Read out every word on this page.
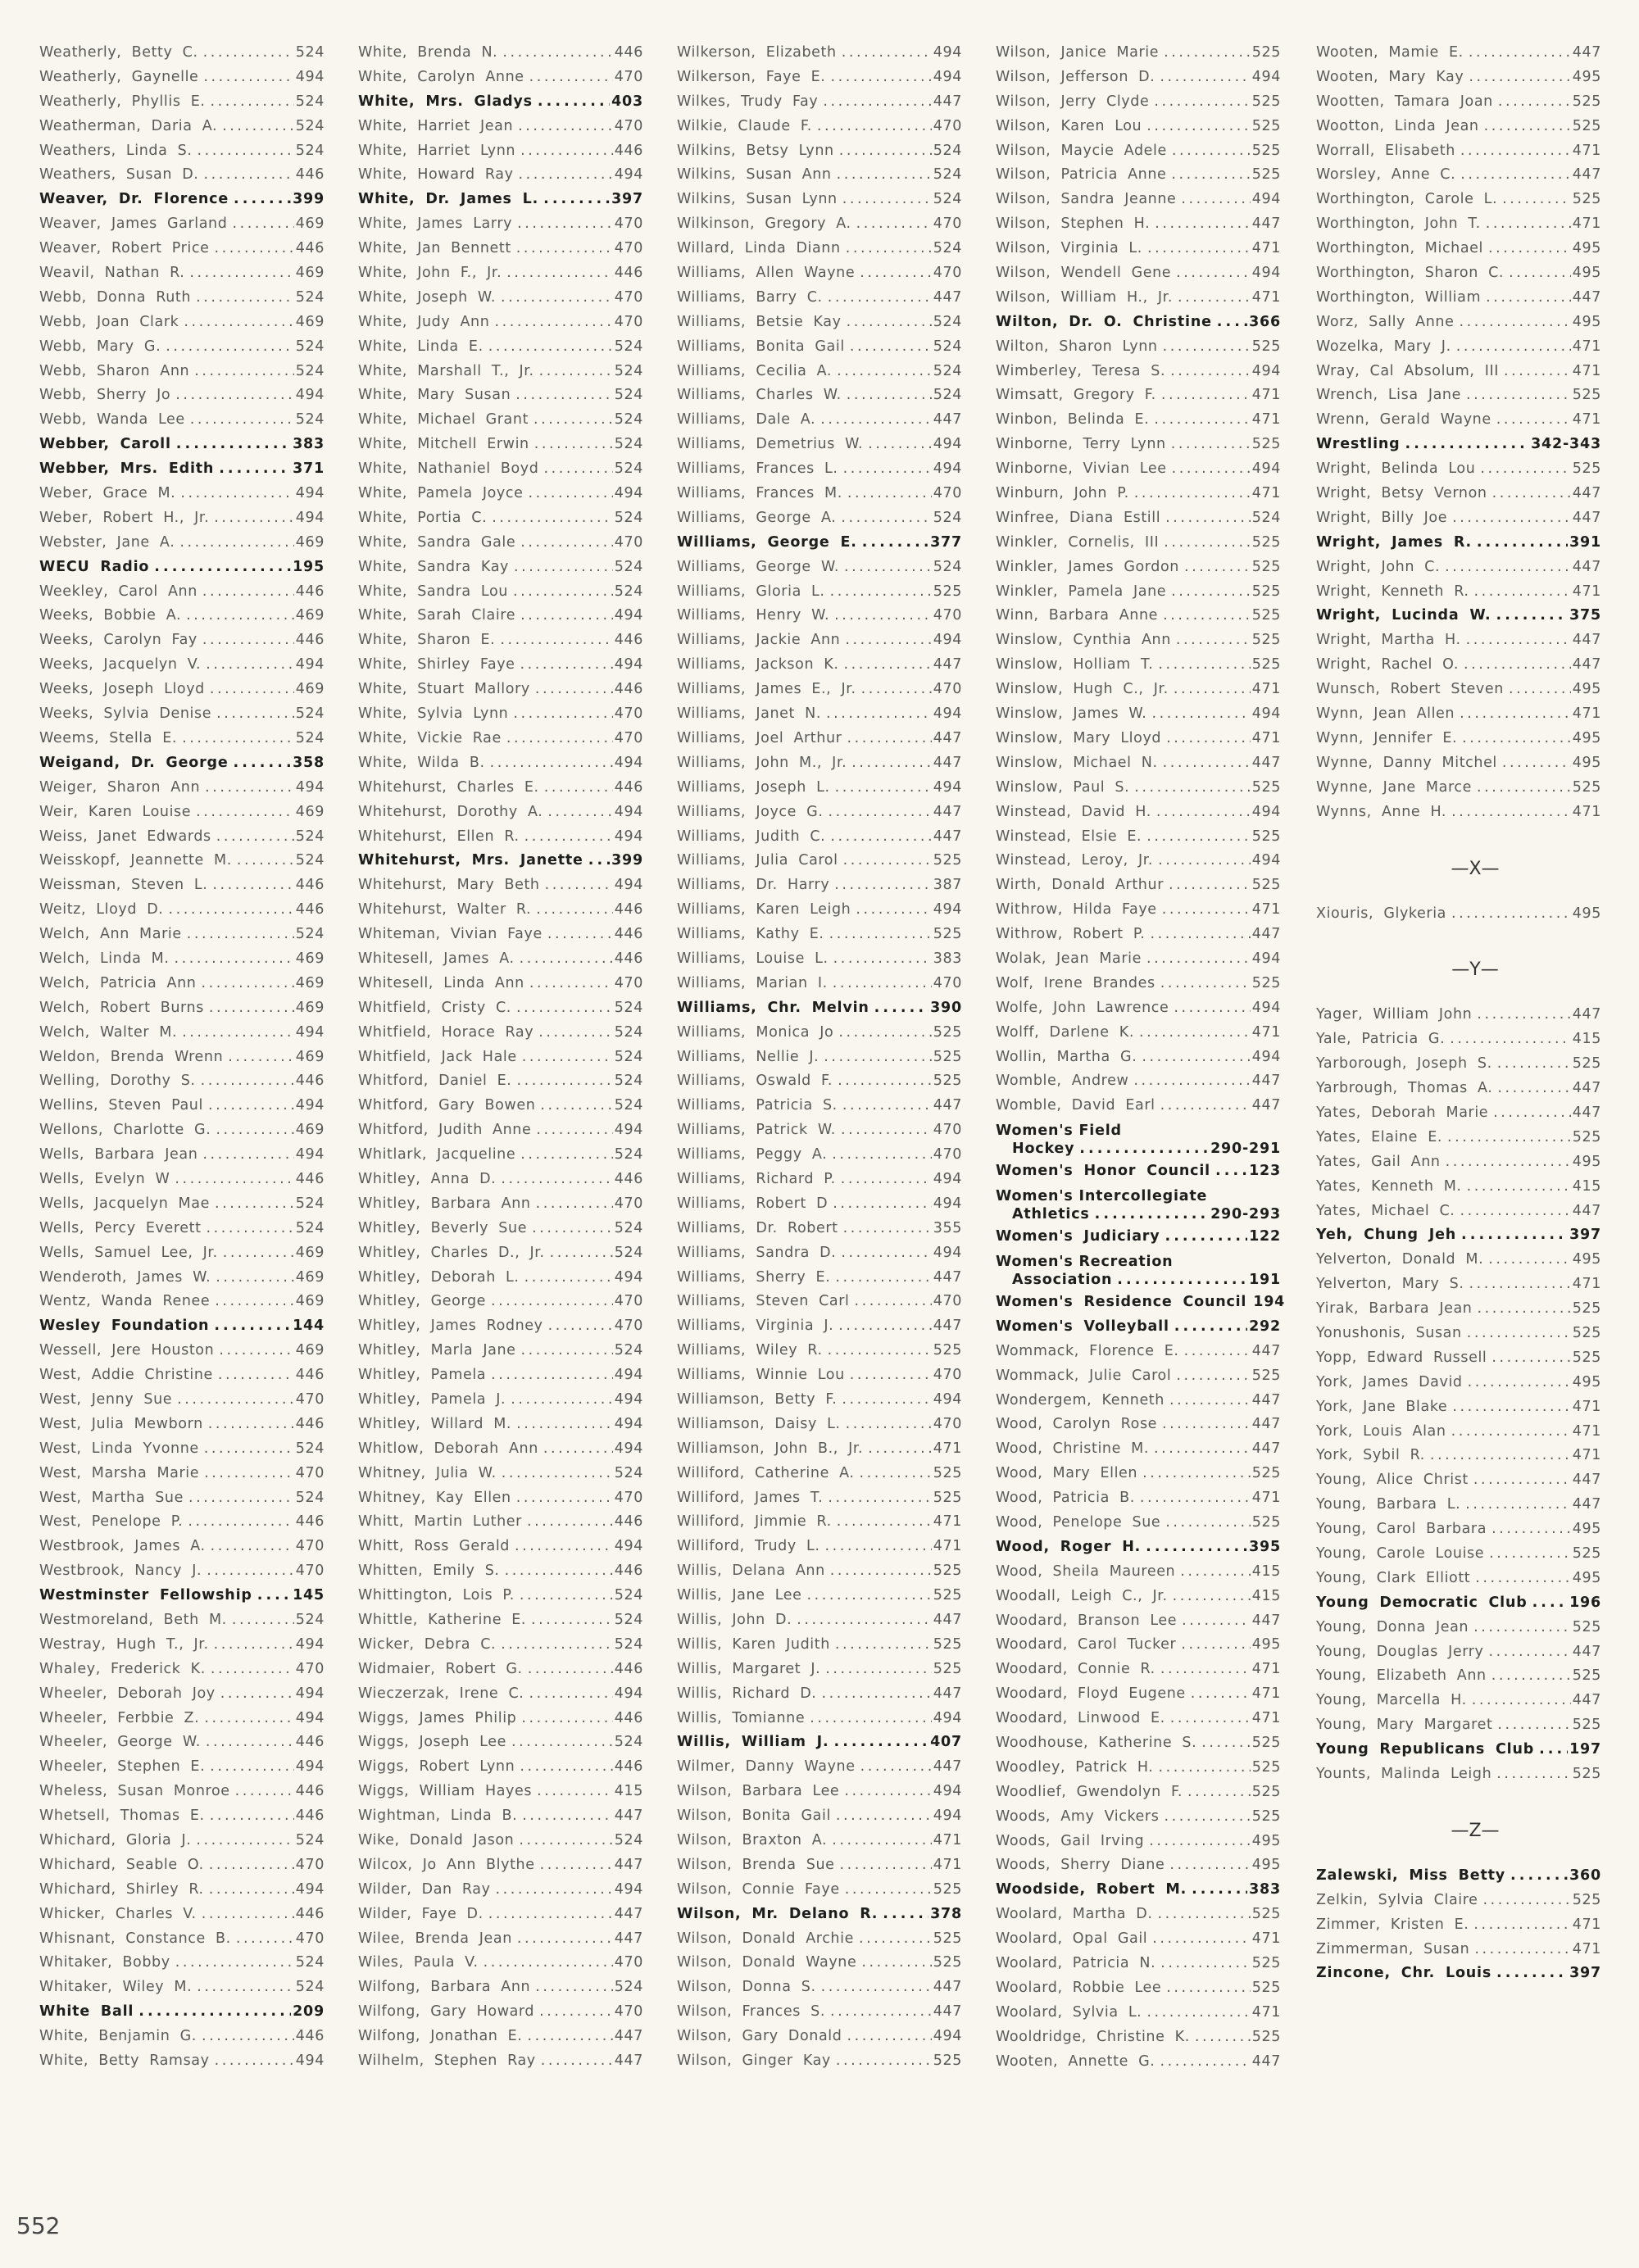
Weatherly, Betty C. . . .	524
Weatherly, Gaynelle . . .	494
Weatherly, Phyllis E. . . .	524
Weatherman, Daria A. . . .	524
Weathers, Linda S. . . .	524
Weathers, Susan D. . . .	446
Weaver, Dr. Florence . . .	399
Weaver, James Garland . . .	469
Weaver, Robert Price . . .	446
Weavil, Nathan R. . . .	469
Webb, Donna Ruth . . .	524
Webb, Joan Clark . . .	469
Webb, Mary G. . . .	524
Webb, Sharon Ann . . .	524
Webb, Sherry Jo . . .	494
Webb, Wanda Lee . . .	524
Webber, Caroll . . .	383
Webber, Mrs. Edith . . .	371
Weber, Grace M. . . .	494
Weber, Robert H., Jr. . . .	494
Webster, Jane A. . . .	469
WECU Radio . . .	195
Weekley, Carol Ann . . .	446
Weeks, Bobbie A. . . .	469
Weeks, Carolyn Fay . . .	446
Weeks, Jacquelyn V. . . .	494
Weeks, Joseph Lloyd . . .	469
Weeks, Sylvia Denise . . .	524
Weems, Stella E. . . .	524
Weigand, Dr. George . . .	358
Weiger, Sharon Ann . . .	494
Weir, Karen Louise . . .	469
Weiss, Janet Edwards . . .	524
Weisskopf, Jeannette M. . . .	524
Weissman, Steven L. . . .	446
Weitz, Lloyd D. . . .	446
Welch, Ann Marie . . .	524
Welch, Linda M. . . .	469
Welch, Patricia Ann . . .	469
Welch, Robert Burns . . .	469
Welch, Walter M. . . .	494
Weldon, Brenda Wrenn . . .	469
Welling, Dorothy S. . . .	446
Wellins, Steven Paul . . .	494
Wellons, Charlotte G. . . .	469
Wells, Barbara Jean . . .	494
Wells, Evelyn W . . .	446
Wells, Jacquelyn Mae . . .	524
Wells, Percy Everett . . .	524
Wells, Samuel Lee, Jr. . . .	469
Wenderoth, James W. . . .	469
Wentz, Wanda Renee . . .	469
Wesley Foundation . . .	144
Wessell, Jere Houston . . .	469
West, Addie Christine . . .	446
West, Jenny Sue . . .	470
West, Julia Mewborn . . .	446
West, Linda Yvonne . . .	524
West, Marsha Marie . . .	470
West, Martha Sue . . .	524
West, Penelope P. . . .	446
Westbrook, James A. . . .	470
Westbrook, Nancy J. . . .	470
Westminster Fellowship . . .	145
Westmoreland, Beth M. . . .	524
Westray, Hugh T., Jr. . . .	494
Whaley, Frederick K. . . .	470
Wheeler, Deborah Joy . . .	494
Wheeler, Ferbbie Z. . . .	494
Wheeler, George W. . . .	446
Wheeler, Stephen E. . . .	494
Wheless, Susan Monroe . . .	446
Whetsell, Thomas E. . . .	446
Whichard, Gloria J. . . .	524
Whichard, Seable O. . . .	470
Whichard, Shirley R. . . .	494
Whicker, Charles V. . . .	446
Whisnant, Constance B. . . .	470
Whitaker, Bobby . . .	524
Whitaker, Wiley M. . . .	524
White Ball . . .	209
White, Benjamin G. . . .	446
White, Betty Ramsay . . .	494
White, Brenda N. . . .	446
White, Carolyn Anne . . .	470
White, Mrs. Gladys . . .	403
White, Harriet Jean . . .	470
White, Harriet Lynn . . .	446
White, Howard Ray . . .	494
White, Dr. James L. . . .	397
White, James Larry . . .	470
White, Jan Bennett . . .	470
White, John F., Jr. . . .	446
White, Joseph W. . . .	470
White, Judy Ann . . .	470
White, Linda E. . . .	524
White, Marshall T., Jr. . . .	524
White, Mary Susan . . .	524
White, Michael Grant . . .	524
White, Mitchell Erwin . . .	524
White, Nathaniel Boyd . . .	524
White, Pamela Joyce . . .	494
White, Portia C. . . .	524
White, Sandra Gale . . .	470
White, Sandra Kay . . .	524
White, Sandra Lou . . .	524
White, Sarah Claire . . .	494
White, Sharon E. . . .	446
White, Shirley Faye . . .	494
White, Stuart Mallory . . .	446
White, Sylvia Lynn . . .	470
White, Vickie Rae . . .	470
White, Wilda B. . . .	494
Whitehurst, Charles E. . . .	446
Whitehurst, Dorothy A. . . .	494
Whitehurst, Ellen R. . . .	494
Whitehurst, Mrs. Janette . . . 399
Whitehurst, Mary Beth . . .	494
Whitehurst, Walter R. . . .	446
Whiteman, Vivian Faye . . .	446
Whitesell, James A. . . .	446
Whitesell, Linda Ann . . .	470
Whitfield, Cristy C. . . .	524
Whitfield, Horace Ray . . .	524
Whitfield, Jack Hale . . .	524
Whitford, Daniel E. . . .	524
Whitford, Gary Bowen . . .	524
Whitford, Judith Anne . . .	494
Whitlark, Jacqueline . . .	524
Whitley, Anna D. . . .	446
Whitley, Barbara Ann . . .	470
Whitley, Beverly Sue . . .	524
Whitley, Charles D., Jr. . . .	524
Whitley, Deborah L. . . .	494
Whitley, George . . .	470
Whitley, James Rodney . . .	470
Whitley, Marla Jane . . .	524
Whitley, Pamela . . .	494
Whitley, Pamela J. . . .	494
Whitley, Willard M. . . .	494
Whitlow, Deborah Ann . . .	494
Whitney, Julia W. . . .	524
Whitney, Kay Ellen . . .	470
Whitt, Martin Luther . . .	446
Whitt, Ross Gerald . . .	494
Whitten, Emily S. . . .	446
Whittington, Lois P. . . .	524
Whittle, Katherine E. . . .	524
Wicker, Debra C. . . .	524
Widmaier, Robert G. . . .	446
Wieczerzak, Irene C. . . .	494
Wiggs, James Philip . . .	446
Wiggs, Joseph Lee . . .	524
Wiggs, Robert Lynn . . .	446
Wiggs, William Hayes . . .	415
Wightman, Linda B. . . .	447
Wike, Donald Jason . . .	524
Wilcox, Jo Ann Blythe . . .	447
Wilder, Dan Ray . . .	494
Wilder, Faye D. . . .	447
Wilee, Brenda Jean . . .	447
Wiles, Paula V. . . .	470
Wilfong, Barbara Ann . . .	524
Wilfong, Gary Howard . . .	470
Wilfong, Jonathan E. . . .	447
Wilhelm, Stephen Ray . . .	447
Wilkerson, Elizabeth . . .	494
Wilkerson, Faye E. . . .	494
Wilkes, Trudy Fay . . .	447
Wilkie, Claude F. . . .	470
Wilkins, Betsy Lynn . . .	524
Wilkins, Susan Ann . . .	524
Wilkins, Susan Lynn . . .	524
Wilkinson, Gregory A. . . .	470
Willard, Linda Diann . . .	524
Williams, Allen Wayne . . .	470
Williams, Barry C. . . .	447
Williams, Betsie Kay . . .	524
Williams, Bonita Gail . . .	524
Williams, Cecilia A. . . .	524
Williams, Charles W. . . .	524
Williams, Dale A. . . .	447
Williams, Demetrius W. . . .	494
Williams, Frances L. . . .	494
Williams, Frances M. . . .	470
Williams, George A. . . .	524
Williams, George E. . . .	377
Williams, George W. . . .	524
Williams, Gloria L. . . .	525
Williams, Henry W. . . .	470
Williams, Jackie Ann . . .	494
Williams, Jackson K. . . .	447
Williams, James E., Jr. . . .	470
Williams, Janet N. . . .	494
Williams, Joel Arthur . . .	447
Williams, John M., Jr. . . .	447
Williams, Joseph L. . . .	494
Williams, Joyce G. . . .	447
Williams, Judith C. . . .	447
Williams, Julia Carol . . .	525
Williams, Dr. Harry . . .	387
Williams, Karen Leigh . . .	494
Williams, Kathy E. . . .	525
Williams, Louise L. . . .	383
Williams, Marian I. . . .	470
Williams, Chr. Melvin . . .	390
Williams, Monica Jo . . .	525
Williams, Nellie J. . . .	525
Williams, Oswald F. . . .	525
Williams, Patricia S. . . .	447
Williams, Patrick W. . . .	470
Williams, Peggy A. . . .	470
Williams, Richard P. . . .	494
Williams, Robert D . . .	494
Williams, Dr. Robert . . .	355
Williams, Sandra D. . . .	494
Williams, Sherry E. . . .	447
Williams, Steven Carl . . .	470
Williams, Virginia J. . . .	447
Williams, Wiley R. . . .	525
Williams, Winnie Lou . . .	470
Williamson, Betty F. . . .	494
Williamson, Daisy L. . . .	470
Williamson, John B., Jr. . . .	471
Williford, Catherine A. . . .	525
Williford, James T. . . .	525
Williford, Jimmie R. . . .	471
Williford, Trudy L. . . .	471
Willis, Delana Ann . . .	525
Willis, Jane Lee . . .	525
Willis, John D. . . .	447
Willis, Karen Judith . . .	525
Willis, Margaret J. . . .	525
Willis, Richard D. . . .	447
Willis, Tomianne . . .	494
Willis, William J. . . .	407
Wilmer, Danny Wayne . . .	447
Wilson, Barbara Lee . . .	494
Wilson, Bonita Gail . . .	494
Wilson, Braxton A. . . .	471
Wilson, Brenda Sue . . .	471
Wilson, Connie Faye . . .	525
Wilson, Mr. Delano R. . . .	378
Wilson, Donald Archie . . .	525
Wilson, Donald Wayne . . .	525
Wilson, Donna S. . . .	447
Wilson, Frances S. . . .	447
Wilson, Gary Donald . . .	494
Wilson, Ginger Kay . . .	525
Wilson, Janice Marie . . .	525
Wilson, Jefferson D. . . .	494
Wilson, Jerry Clyde . . .	525
Wilson, Karen Lou . . .	525
Wilson, Maycie Adele . . .	525
Wilson, Patricia Anne . . .	525
Wilson, Sandra Jeanne . . .	494
Wilson, Stephen H. . . .	447
Wilson, Virginia L. . . .	471
Wilson, Wendell Gene . . .	494
Wilson, William H., Jr. . . .	471
Wilton, Dr. O. Christine . . .	366
Wilton, Sharon Lynn . . .	525
Wimberley, Teresa S. . . .	494
Wimsatt, Gregory F. . . .	471
Winbon, Belinda E. . . .	471
Winborne, Terry Lynn . . .	525
Winborne, Vivian Lee . . .	494
Winburn, John P. . . .	471
Winfree, Diana Estill . . .	524
Winkler, Cornelis, III . . .	525
Winkler, James Gordon . . .	525
Winkler, Pamela Jane . . .	525
Winn, Barbara Anne . . .	525
Winslow, Cynthia Ann . . .	525
Winslow, Holliam T. . . .	525
Winslow, Hugh C., Jr. . . .	471
Winslow, James W. . . .	494
Winslow, Mary Lloyd . . .	471
Winslow, Michael N. . . .	447
Winslow, Paul S. . . .	525
Winstead, David H. . . .	494
Winstead, Elsie E. . . .	525
Winstead, Leroy, Jr. . . .	494
Wirth, Donald Arthur . . .	525
Withrow, Hilda Faye . . .	471
Withrow, Robert P. . . .	447
Wolak, Jean Marie . . .	494
Wolf, Irene Brandes . . .	525
Wolfe, John Lawrence . . .	494
Wolff, Darlene K. . . .	471
Wollin, Martha G. . . .	494
Womble, Andrew . . .	447
Womble, David Earl . . .	447
Women's Field
Hockey . . .	290-291
Women's Honor Council . . .	123
Women's Intercollegiate
Athletics . . .	290-293
Women's Judiciary . . .	122
Women's Recreation
Association . . .	191
Women's Residence Council 194
Women's Volleyball . . .	292
Wommack, Florence E. . . .	447
Wommack, Julie Carol . . .	525
Wondergem, Kenneth . . .	447
Wood, Carolyn Rose . . .	447
Wood, Christine M. . . .	447
Wood, Mary Ellen . . .	525
Wood, Patricia B. . . .	471
Wood, Penelope Sue . . .	525
Wood, Roger H. . . .	395
Wood, Sheila Maureen . . .	415
Woodall, Leigh C., Jr. . . .	415
Woodard, Branson Lee . . .	447
Woodard, Carol Tucker . . .	495
Woodard, Connie R. . . .	471
Woodard, Floyd Eugene . . .	471
Woodard, Linwood E. . . .	471
Woodhouse, Katherine S. . . .	525
Woodley, Patrick H. . . .	525
Woodlief, Gwendolyn F. . . .	525
Woods, Amy Vickers . . .	525
Woods, Gail Irving . . .	495
Woods, Sherry Diane . . .	495
Woodside, Robert M. . . .	383
Woolard, Martha D. . . .	525
Woolard, Opal Gail . . .	471
Woolard, Patricia N. . . .	525
Woolard, Robbie Lee . . .	525
Woolard, Sylvia L. . . .	471
Wooldridge, Christine K. . . .	525
Wooten, Annette G. . . .	447
Wooten, Mamie E. . . .	447
Wooten, Mary Kay . . .	495
Wootten, Tamara Joan . . .	525
Wootton, Linda Jean . . .	525
Worrall, Elisabeth . . .	471
Worsley, Anne C. . . .	447
Worthington, Carole L. . . .	525
Worthington, John T. . . .	471
Worthington, Michael . . .	495
Worthington, Sharon C. . . .	495
Worthington, William . . .	447
Worz, Sally Anne . . .	495
Wozelka, Mary J. . . .	471
Wray, Cal Absolum, III . . .	471
Wrench, Lisa Jane . . .	525
Wrenn, Gerald Wayne . . .	471
Wrestling . . .	342-343
Wright, Belinda Lou . . .	525
Wright, Betsy Vernon . . .	447
Wright, Billy Joe . . .	447
Wright, James R. . . .	391
Wright, John C. . . .	447
Wright, Kenneth R. . . .	471
Wright, Lucinda W. . . .	375
Wright, Martha H. . . .	447
Wright, Rachel O. . . .	447
Wunsch, Robert Steven . . .	495
Wynn, Jean Allen . . .	471
Wynn, Jennifer E. . . .	495
Wynne, Danny Mitchel . . .	495
Wynne, Jane Marce . . .	525
Wynns, Anne H. . . .	471
—X—
Xiouris, Glykeria . . .	495
—Y—
Yager, William John . . .	447
Yale, Patricia G. . . .	415
Yarborough, Joseph S. . . .	525
Yarbrough, Thomas A. . . .	447
Yates, Deborah Marie . . .	447
Yates, Elaine E. . . .	525
Yates, Gail Ann . . .	495
Yates, Kenneth M. . . .	415
Yates, Michael C. . . .	447
Yeh, Chung Jeh . . .	397
Yelverton, Donald M. . . .	495
Yelverton, Mary S. . . .	471
Yirak, Barbara Jean . . .	525
Yonushonis, Susan . . .	525
Yopp, Edward Russell . . .	525
York, James David . . .	495
York, Jane Blake . . .	471
York, Louis Alan . . .	471
York, Sybil R. . . .	471
Young, Alice Christ . . .	447
Young, Barbara L. . . .	447
Young, Carol Barbara . . .	495
Young, Carole Louise . . .	525
Young, Clark Elliott . . .	495
Young Democratic Club . . .	196
Young, Donna Jean . . .	525
Young, Douglas Jerry . . .	447
Young, Elizabeth Ann . . .	525
Young, Marcella H. . . .	447
Young, Mary Margaret . . .	525
Young Republicans Club . . . 197
Younts, Malinda Leigh . . .	525
—Z—
Zalewski, Miss Betty . . .	360
Zelkin, Sylvia Claire . . .	525
Zimmer, Kristen E. . . .	471
Zimmerman, Susan . . .	471
Zincone, Chr. Louis . . .	397
552
